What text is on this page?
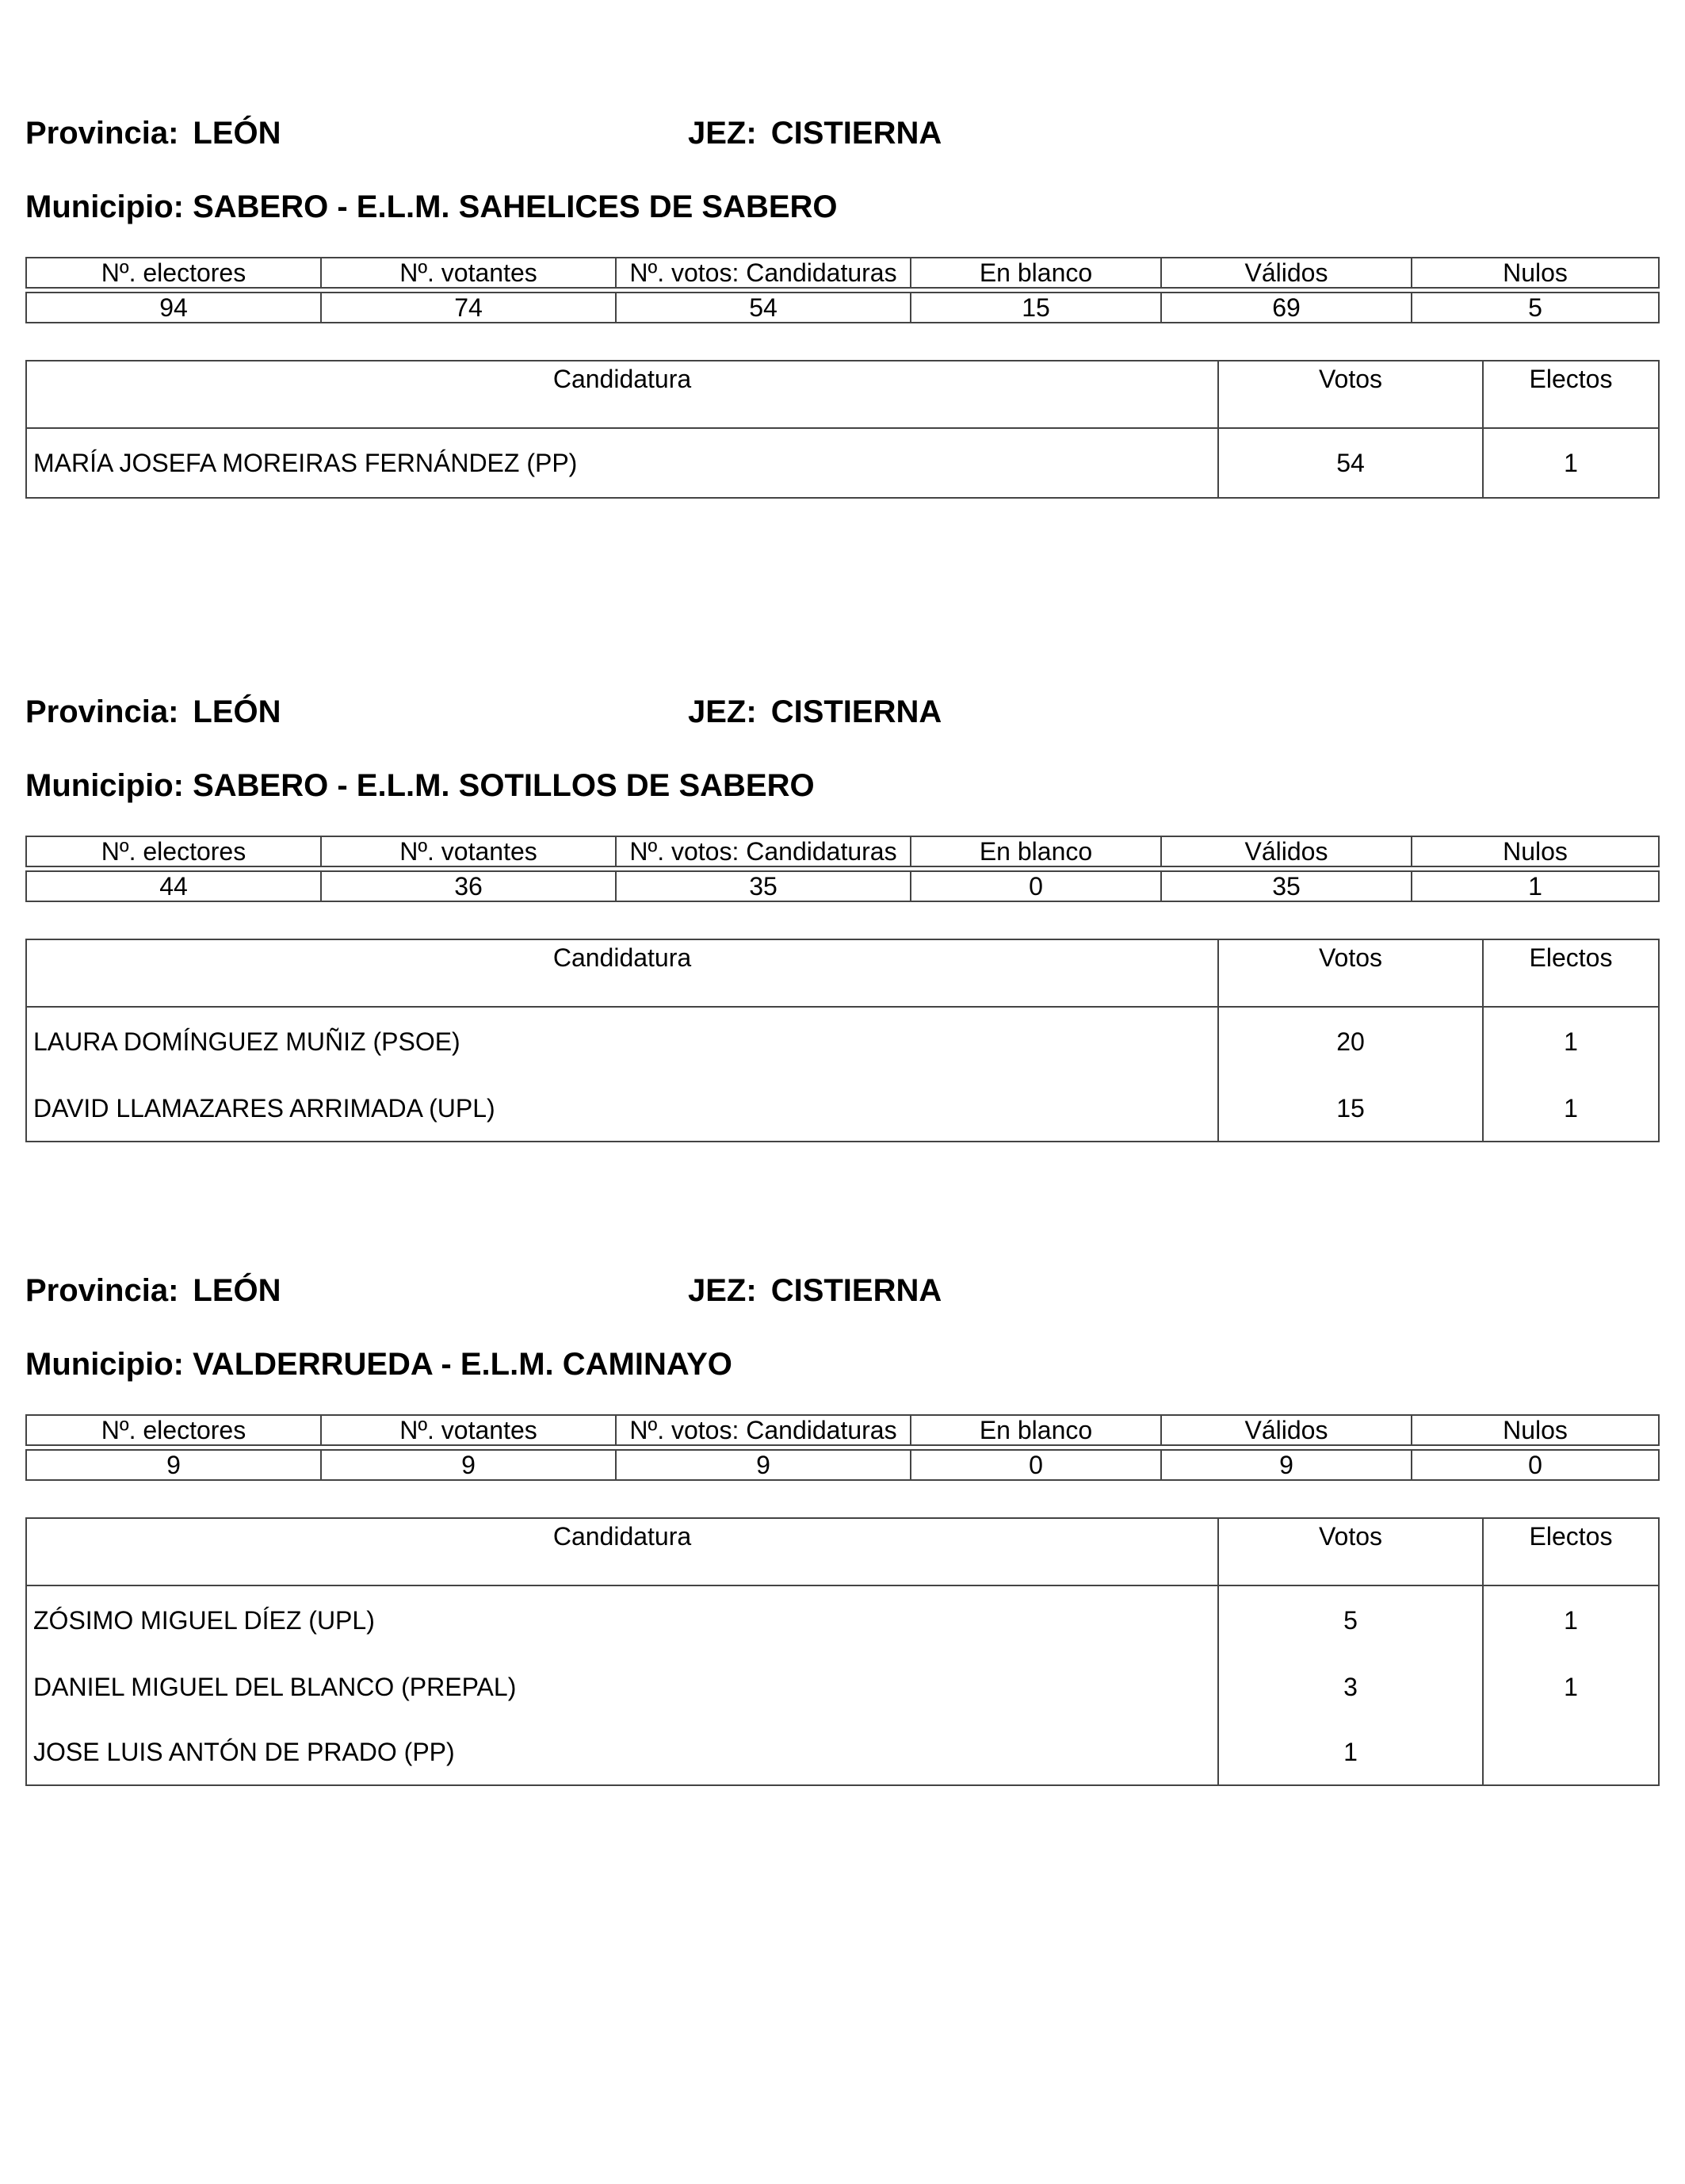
Provincia: LEÓN	JEZ: CISTIERNA
Municipio: SABERO - E.L.M. SAHELICES DE SABERO
Nº. electores	Nº. votantes	Nº. votos: Candidaturas	En blanco	Válidos	Nulos

94	74	54	15	69	5
Candidatura	Votos	Electos
MARÍA JOSEFA MOREIRAS FERNÁNDEZ (PP)	54	1
Provincia: LEÓN	JEZ: CISTIERNA
Municipio: SABERO - E.L.M. SOTILLOS DE SABERO
Nº. electores	Nº. votantes	Nº. votos: Candidaturas	En blanco	Válidos	Nulos

44	36	35	0	35	1
Candidatura	Votos	Electos
LAURA DOMÍNGUEZ MUÑIZ (PSOE)	20	1
DAVID LLAMAZARES ARRIMADA (UPL)	15	1
Provincia: LEÓN	JEZ: CISTIERNA
Municipio: VALDERRUEDA - E.L.M. CAMINAYO
Nº. electores	Nº. votantes	Nº. votos: Candidaturas	En blanco	Válidos	Nulos

9	9	9	0	9	0
Candidatura	Votos	Electos
ZÓSIMO MIGUEL DÍEZ (UPL)	5	1
DANIEL MIGUEL DEL BLANCO (PREPAL)	3	1
JOSE LUIS ANTÓN DE PRADO (PP)	1	
